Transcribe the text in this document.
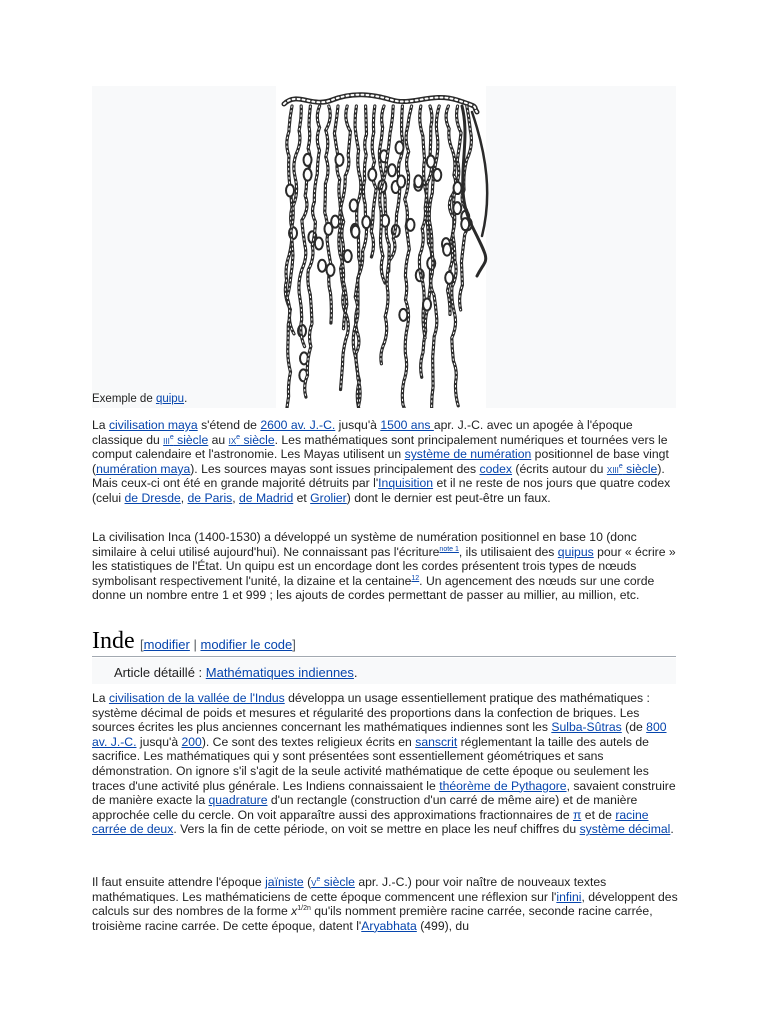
Exemple de quipu.

La civilisation maya s'étend de 2600 av. J.-C. jusqu'à 1500 ans apr. J.-C. avec un apogée à l'époque classique du IIIe siècle au IXe siècle. Les mathématiques sont principalement numériques et tournées vers le comput calendaire et l'astronomie. Les Mayas utilisent un système de numération positionnel de base vingt (numération maya). Les sources mayas sont issues principalement des codex (écrits autour du XIIIe siècle). Mais ceux-ci ont été en grande majorité détruits par l'Inquisition et il ne reste de nos jours que quatre codex (celui de Dresde, de Paris, de Madrid et Grolier) dont le dernier est peut-être un faux.

La civilisation Inca (1400-1530) a développé un système de numération positionnel en base 10 (donc similaire à celui utilisé aujourd'hui). Ne connaissant pas l'écriture$^{note 1}$, ils utilisaient des quipus pour « écrire » les statistiques de l'État. Un quipu est un encordage dont les cordes présentent trois types de nœuds symbolisant respectivement l'unité, la dizaine et la centaine$^{12}$. Un agencement des nœuds sur une corde donne un nombre entre 1 et 999 ; les ajouts de cordes permettant de passer au millier, au million, etc.

Inde [modifier | modifier le code]
Article détaillé : Mathématiques indiennes.

La civilisation de la vallée de l'Indus développa un usage essentiellement pratique des mathématiques : système décimal de poids et mesures et régularité des proportions dans la confection de briques. Les sources écrites les plus anciennes concernant les mathématiques indiennes sont les Sulba-Sûtras (de 800 av. J.-C. jusqu'à 200). Ce sont des textes religieux écrits en sanscrit réglementant la taille des autels de sacrifice. Les mathématiques qui y sont présentées sont essentiellement géométriques et sans démonstration. On ignore s'il s'agit de la seule activité mathématique de cette époque ou seulement les traces d'une activité plus générale. Les Indiens connaissaient le théorème de Pythagore, savaient construire de manière exacte la quadrature d'un rectangle (construction d'un carré de même aire) et de manière approchée celle du cercle. On voit apparaître aussi des approximations fractionnaires de π et de racine carrée de deux. Vers la fin de cette période, on voit se mettre en place les neuf chiffres du système décimal.

Il faut ensuite attendre l'époque jaïniste (Ve siècle apr. J.-C.) pour voir naître de nouveaux textes mathématiques. Les mathématiciens de cette époque commencent une réflexion sur l'infini, développent des calculs sur des nombres de la forme $x^{1/2n}$ qu'ils nomment première racine carrée, seconde racine carrée, troisième racine carrée. De cette époque, datent l'Aryabhata (499), du
